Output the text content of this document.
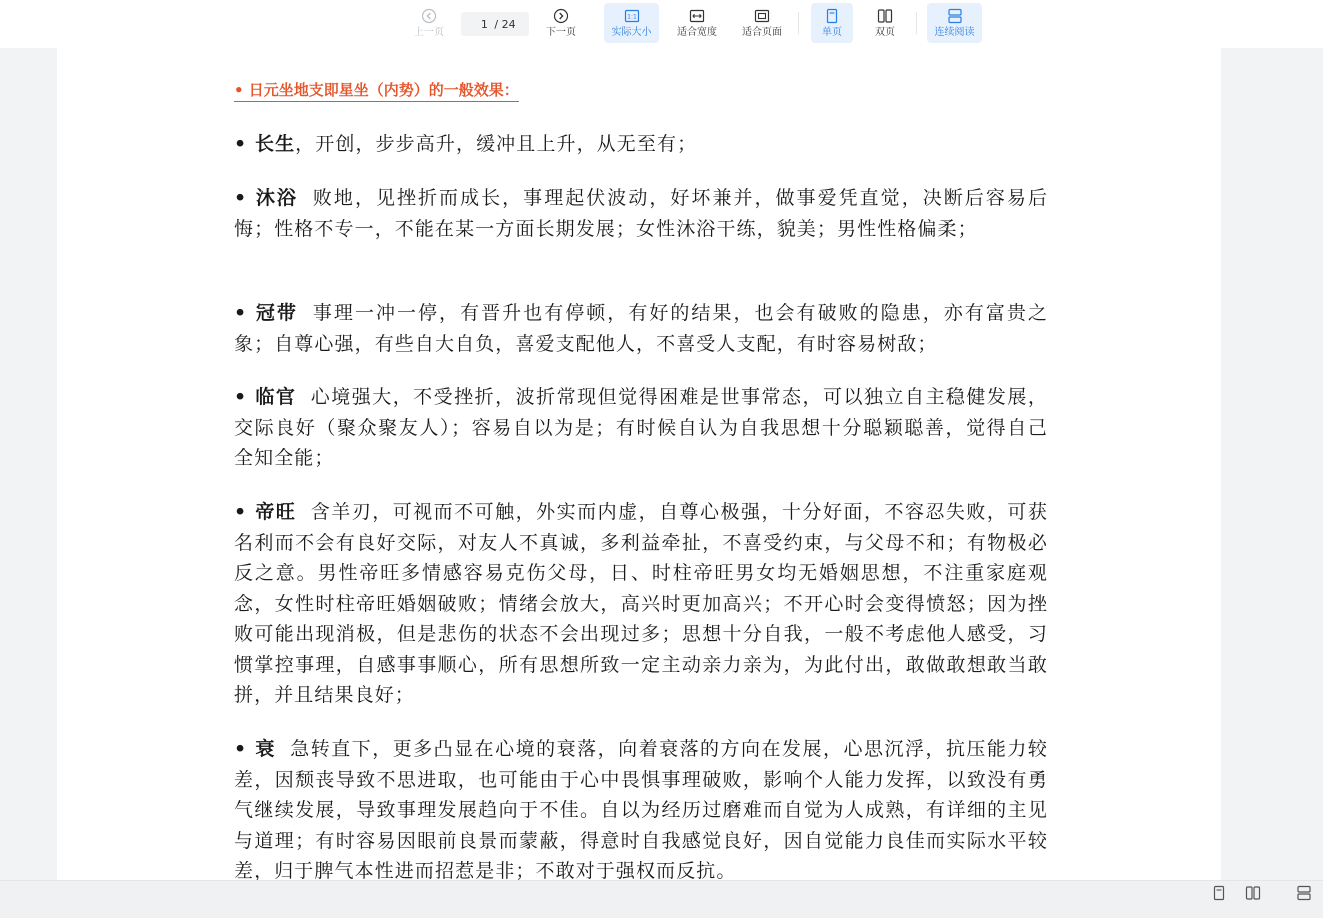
上一页
1
/ 24
下一页
1:1
实际大小	适合宽度	适合页面	单页	双页	连续阅读
• 日元坐地支即星坐（内势）的一般效果：
• 长生，开创，步步高升，缓冲且上升，从无至有；
• 沐浴 败地，见挫折而成长，事理起伏波动，好坏兼并，做事爱凭直觉，决断后容易后悔；性格不专一，不能在某一方面长期发展；女性沐浴干练，貌美；男性性格偏柔；
• 冠带 事理一冲一停，有晋升也有停顿，有好的结果，也会有破败的隐患，亦有富贵之象；自尊心强，有些自大自负，喜爱支配他人，不喜受人支配，有时容易树敌；
• 临官 心境强大，不受挫折，波折常现但觉得困难是世事常态，可以独立自主稳健发展，交际良好（聚众聚友人）；容易自以为是；有时候自认为自我思想十分聪颖聪善，觉得自己全知全能；
• 帝旺 含羊刃，可视而不可触，外实而内虚，自尊心极强，十分好面，不容忍失败，可获名利而不会有良好交际，对友人不真诚，多利益牵扯，不喜受约束，与父母不和；有物极必反之意。男性帝旺多情感容易克伤父母，日、时柱帝旺男女均无婚姻思想，不注重家庭观念，女性时柱帝旺婚姻破败；情绪会放大，高兴时更加高兴；不开心时会变得愤怒；因为挫败可能出现消极，但是悲伤的状态不会出现过多；思想十分自我，一般不考虑他人感受，习惯掌控事理，自感事事顺心，所有思想所致一定主动亲力亲为，为此付出，敢做敢想敢当敢拼，并且结果良好；
• 衰 急转直下，更多凸显在心境的衰落，向着衰落的方向在发展，心思沉浮，抗压能力较差，因颓丧导致不思进取，也可能由于心中畏惧事理破败，影响个人能力发挥，以致没有勇气继续发展，导致事理发展趋向于不佳。自以为经历过磨难而自觉为人成熟，有详细的主见与道理；有时容易因眼前良景而蒙蔽，得意时自我感觉良好，因自觉能力良佳而实际水平较差，归于脾气本性进而招惹是非；不敢对于强权而反抗。
